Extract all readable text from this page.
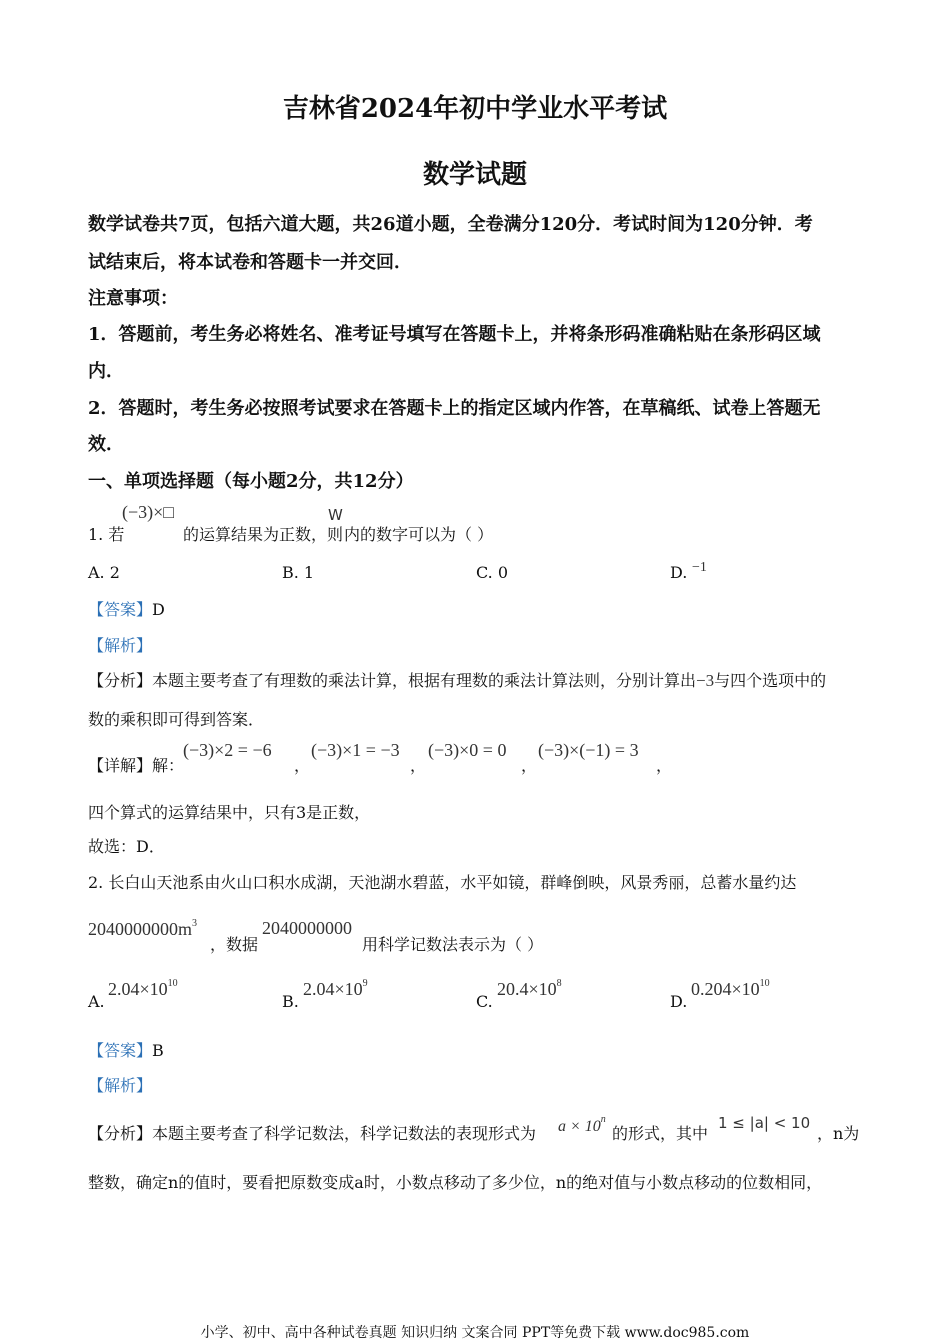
吉林省2024年初中学业水平考试
数学试题
数学试卷共7页，包括六道大题，共26道小题，全卷满分120分．考试时间为120分钟．考
试结束后，将本试卷和答题卡一并交回．
注意事项：
1．答题前，考生务必将姓名、准考证号填写在答题卡上，并将条形码准确粘贴在条形码区域
内．
2．答题时，考生务必按照考试要求在答题卡上的指定区域内作答，在草稿纸、试卷上答题无
效．
一、单项选择题（每小题2分，共12分）
1. 若
(−3)×□
的运算结果为正数，则
W
内的数字可以为（ ）
A. 2	B. 1	C. 0	D. −1
【答案】D
【解析】
【分析】本题主要考查了有理数的乘法计算，根据有理数的乘法计算法则，分别计算出−3与四个选项中的
数的乘积即可得到答案．
【详解】解：
(−3)×2 = −6
，
(−3)×1 = −3
，
(−3)×0 = 0
，
(−3)×(−1) = 3
，
四个算式的运算结果中，只有3是正数，
故选：D．
2. 长白山天池系由火山口积水成湖，天池湖水碧蓝，水平如镜，群峰倒映，风景秀丽，总蓄水量约达
$2040000000m^3$
，数据
2040000000
用科学记数法表示为（ ）
A.
$2.04\times 10^{10}$
B.
$2.04\times 10^9$
C.
$20.4\times 10^8$
D.
$0.204\times 10^{10}$
【答案】B
【解析】
【分析】本题主要考查了科学记数法，科学记数法的表现形式为 $a \times 10^n$
的形式，其中
1 ≤ |a| < 10
，n为
整数，确定n的值时，要看把原数变成a时，小数点移动了多少位，n的绝对值与小数点移动的位数相同，
小学、初中、高中各种试卷真题 知识归纳 文案合同 PPT等免费下载 www.doc985.com
